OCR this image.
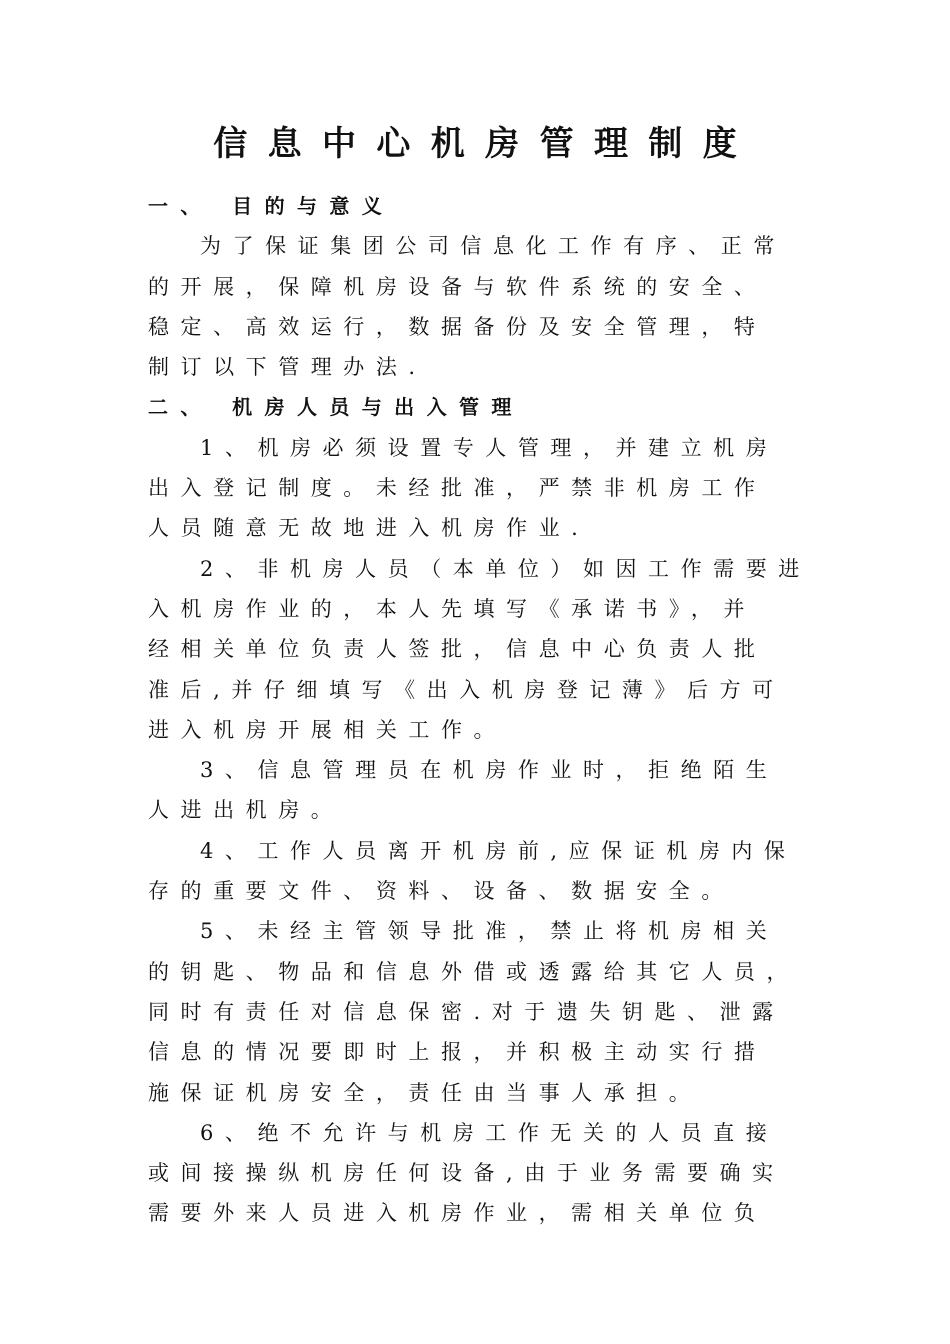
信息中心机房管理制度
一、 目的与意义
为了保证集团公司信息化工作有序、正常
的开展，保障机房设备与软件系统的安全、
稳定、高效运行，数据备份及安全管理，特
制订以下管理办法.
二、 机房人员与出入管理
1、机房必须设置专人管理，并建立机房
出入登记制度。未经批准，严禁非机房工作
人员随意无故地进入机房作业.
2、非机房人员（本单位）如因工作需要进
入机房作业的，本人先填写《承诺书》，并
经相关单位负责人签批，信息中心负责人批
准后,并仔细填写《出入机房登记薄》后方可
进入机房开展相关工作。
3、信息管理员在机房作业时，拒绝陌生
人进出机房。
4、工作人员离开机房前,应保证机房内保
存的重要文件、资料、设备、数据安全。
5、未经主管领导批准，禁止将机房相关
的钥匙、物品和信息外借或透露给其它人员，
同时有责任对信息保密.对于遗失钥匙、泄露
信息的情况要即时上报，并积极主动实行措
施保证机房安全，责任由当事人承担。
6、绝不允许与机房工作无关的人员直接
或间接操纵机房任何设备,由于业务需要确实
需要外来人员进入机房作业，需相关单位负
